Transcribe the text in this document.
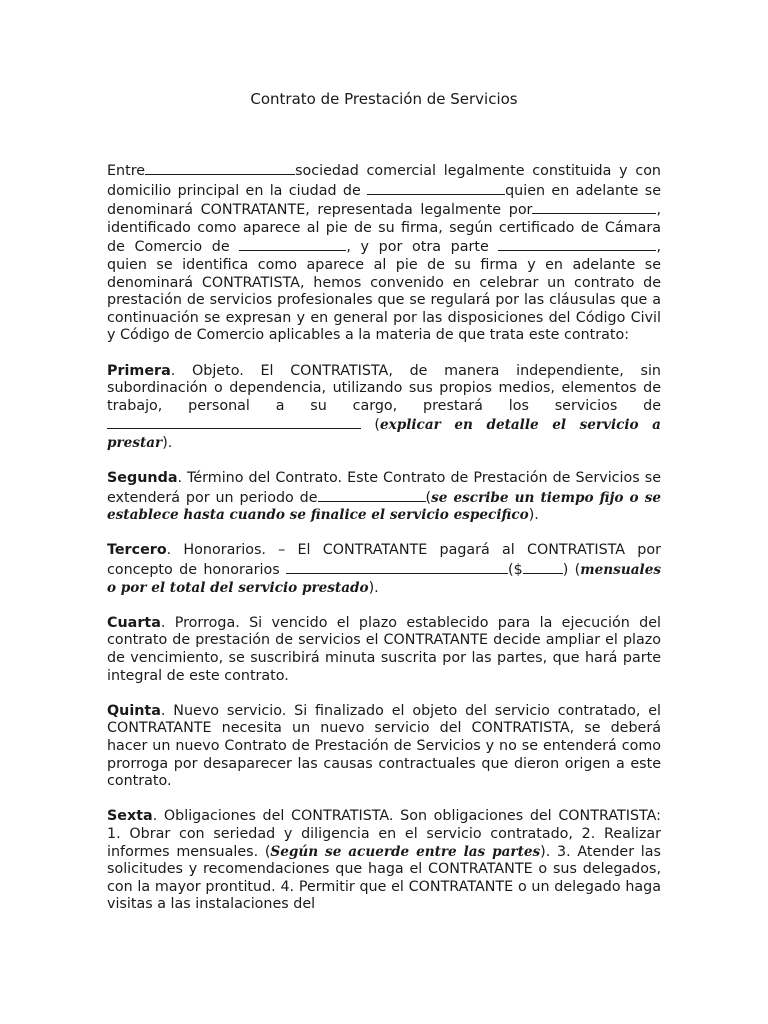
Contrato de Prestación de Servicios

Entre	sociedad comercial legalmente constituida y con domicilio principal en la ciudad de	quien en adelante se denominará CONTRATANTE, representada legalmente por	, identificado como aparece al pie de su firma, según certificado de Cámara de Comercio de	, y por otra parte	, quien se identifica como aparece al pie de su firma y en adelante se denominará CONTRATISTA, hemos convenido en celebrar un contrato de prestación de servicios profesionales que se regulará por las cláusulas que a continuación se expresan y en general por las disposiciones del Código Civil y Código de Comercio aplicables a la materia de que trata este contrato:

Primera. Objeto. El CONTRATISTA, de manera independiente, sin subordinación o dependencia, utilizando sus propios medios, elementos de trabajo, personal a su cargo, prestará los servicios de (explicar en detalle el servicio a prestar).

Segunda. Término del Contrato. Este Contrato de Prestación de Servicios se extenderá por un periodo de	(se escribe un tiempo fijo o se establece hasta cuando se finalice el servicio especifico).

Tercero. Honorarios. – El CONTRATANTE pagará al CONTRATISTA por concepto de honorarios	($	) (mensuales o por el total del servicio prestado).

Cuarta. Prorroga. Si vencido el plazo establecido para la ejecución del contrato de prestación de servicios el CONTRATANTE decide ampliar el plazo de vencimiento, se suscribirá minuta suscrita por las partes, que hará parte integral de este contrato.

Quinta. Nuevo servicio. Si finalizado el objeto del servicio contratado, el CONTRATANTE necesita un nuevo servicio del CONTRATISTA, se deberá hacer un nuevo Contrato de Prestación de Servicios y no se entenderá como prorroga por desaparecer las causas contractuales que dieron origen a este contrato.

Sexta. Obligaciones del CONTRATISTA. Son obligaciones del CONTRATISTA: 1. Obrar con seriedad y diligencia en el servicio contratado, 2. Realizar informes mensuales. (Según se acuerde entre las partes). 3. Atender las solicitudes y recomendaciones que haga el CONTRATANTE o sus delegados, con la mayor prontitud. 4. Permitir que el CONTRATANTE o un delegado haga visitas a las instalaciones del
